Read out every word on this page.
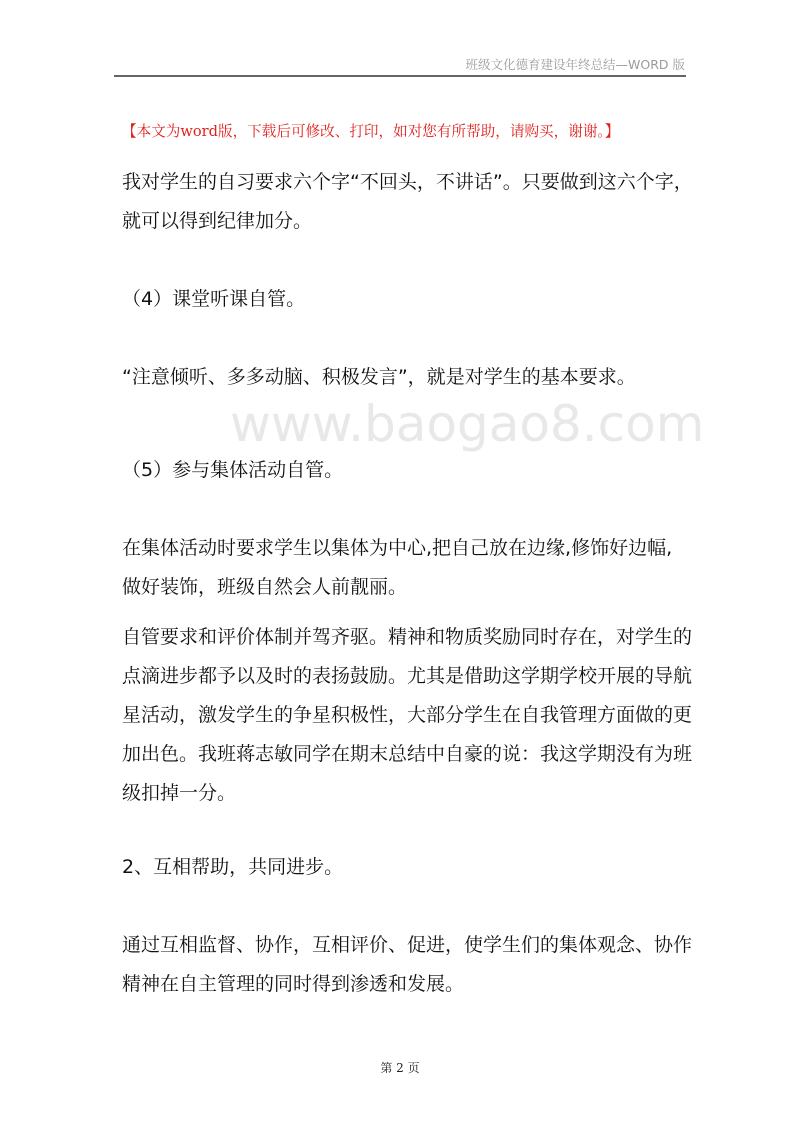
班级文化德育建设年终总结—WORD 版
【本文为word版，下载后可修改、打印，如对您有所帮助，请购买，谢谢。】
www.baogao8.com
我对学生的自习要求六个字“不回头，不讲话”。只要做到这六个字，
就可以得到纪律加分。
（4）课堂听课自管。
“注意倾听、多多动脑、积极发言”，就是对学生的基本要求。
（5）参与集体活动自管。
在集体活动时要求学生以集体为中心,把自己放在边缘,修饰好边幅,
做好装饰，班级自然会人前靓丽。
自管要求和评价体制并驾齐驱。精神和物质奖励同时存在，对学生的
点滴进步都予以及时的表扬鼓励。尤其是借助这学期学校开展的导航
星活动，激发学生的争星积极性，大部分学生在自我管理方面做的更
加出色。我班蒋志敏同学在期末总结中自豪的说：我这学期没有为班
级扣掉一分。
2、互相帮助，共同进步。
通过互相监督、协作，互相评价、促进，使学生们的集体观念、协作
精神在自主管理的同时得到渗透和发展。
第 2 页
